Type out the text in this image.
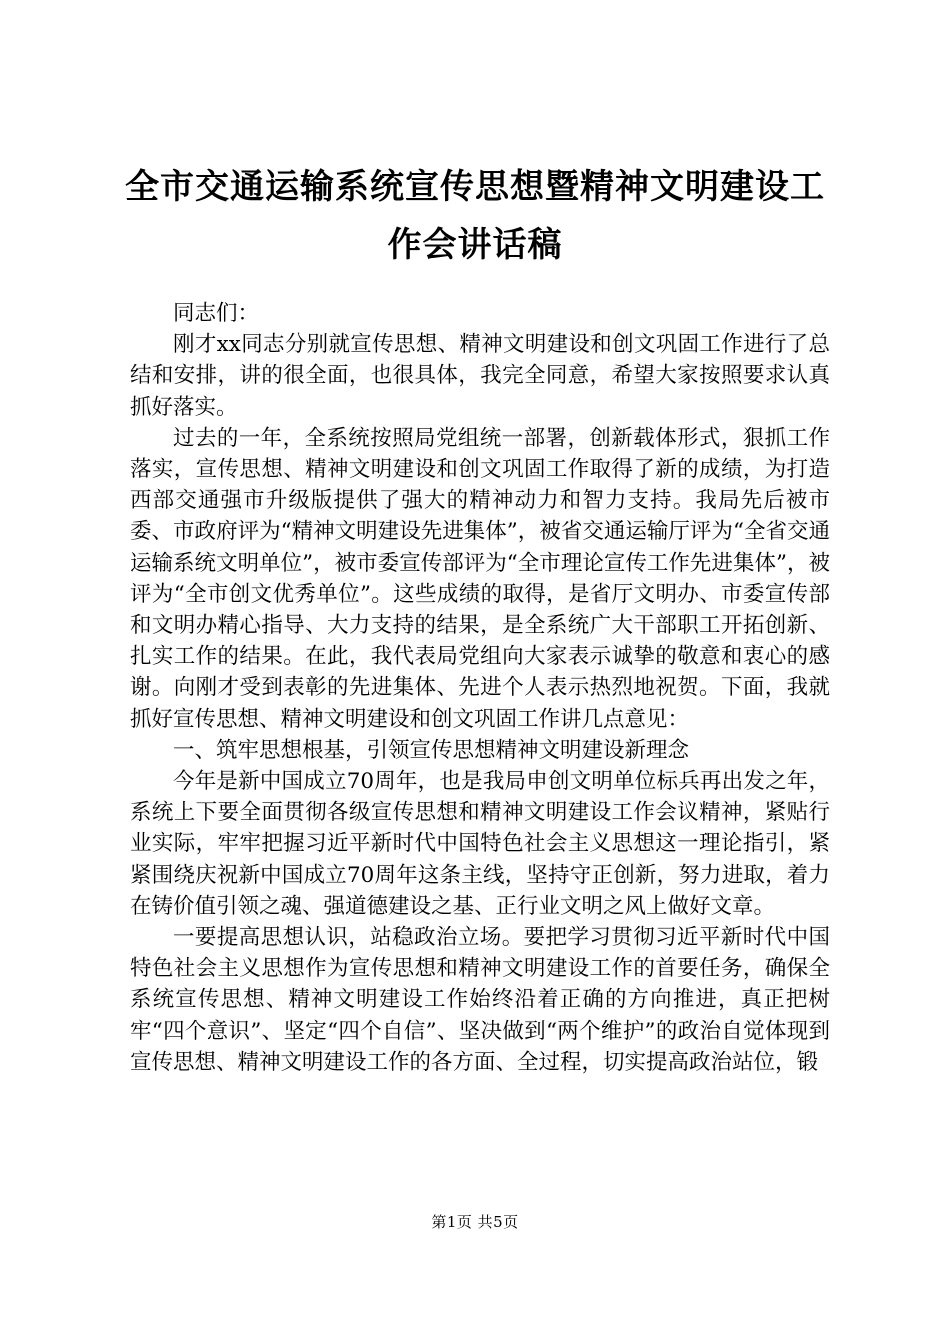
全市交通运输系统宣传思想暨精神文明建设工
作会讲话稿

同志们：

刚才xx同志分别就宣传思想、精神文明建设和创文巩固工作进行了总结和安排，讲的很全面，也很具体，我完全同意，希望大家按照要求认真抓好落实。

过去的一年，全系统按照局党组统一部署，创新载体形式，狠抓工作落实，宣传思想、精神文明建设和创文巩固工作取得了新的成绩，为打造西部交通强市升级版提供了强大的精神动力和智力支持。我局先后被市委、市政府评为“精神文明建设先进集体”，被省交通运输厅评为“全省交通运输系统文明单位”，被市委宣传部评为“全市理论宣传工作先进集体”，被评为“全市创文优秀单位”。这些成绩的取得，是省厅文明办、市委宣传部和文明办精心指导、大力支持的结果，是全系统广大干部职工开拓创新、扎实工作的结果。在此，我代表局党组向大家表示诚挚的敬意和衷心的感谢。向刚才受到表彰的先进集体、先进个人表示热烈地祝贺。下面，我就抓好宣传思想、精神文明建设和创文巩固工作讲几点意见：

一、筑牢思想根基，引领宣传思想精神文明建设新理念

今年是新中国成立70周年，也是我局申创文明单位标兵再出发之年，系统上下要全面贯彻各级宣传思想和精神文明建设工作会议精神，紧贴行业实际，牢牢把握习近平新时代中国特色社会主义思想这一理论指引，紧紧围绕庆祝新中国成立70周年这条主线，坚持守正创新，努力进取，着力在铸价值引领之魂、强道德建设之基、正行业文明之风上做好文章。

一要提高思想认识，站稳政治立场。要把学习贯彻习近平新时代中国特色社会主义思想作为宣传思想和精神文明建设工作的首要任务，确保全系统宣传思想、精神文明建设工作始终沿着正确的方向推进，真正把树牢“四个意识”、坚定“四个自信”、坚决做到“两个维护”的政治自觉体现到宣传思想、精神文明建设工作的各方面、全过程，切实提高政治站位，锻

第1页 共5页
